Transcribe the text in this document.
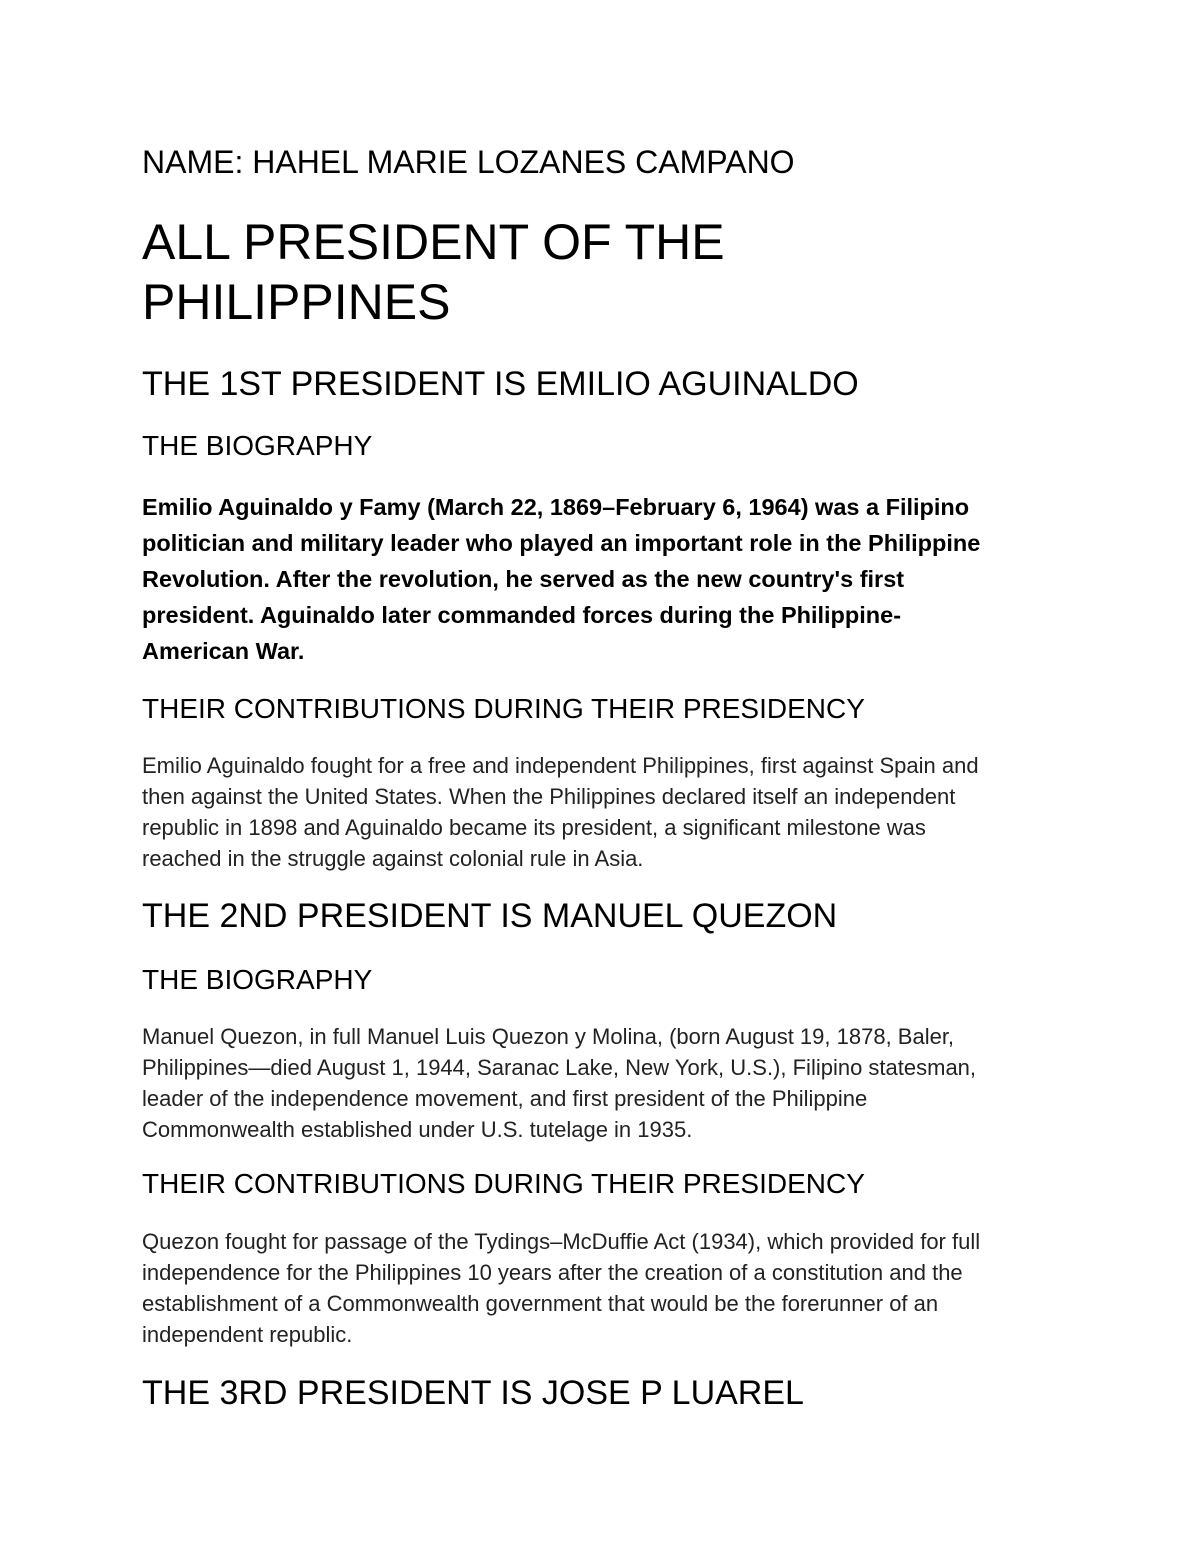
NAME: HAHEL MARIE LOZANES CAMPANO
ALL PRESIDENT OF THE
PHILIPPINES
THE 1ST PRESIDENT IS EMILIO AGUINALDO
THE BIOGRAPHY

Emilio Aguinaldo y Famy (March 22, 1869–February 6, 1964) was a Filipino
politician and military leader who played an important role in the Philippine
Revolution. After the revolution, he served as the new country's first
president. Aguinaldo later commanded forces during the Philippine-
American War.

THEIR CONTRIBUTIONS DURING THEIR PRESIDENCY

Emilio Aguinaldo fought for a free and independent Philippines, first against Spain and
then against the United States. When the Philippines declared itself an independent
republic in 1898 and Aguinaldo became its president, a significant milestone was
reached in the struggle against colonial rule in Asia.

THE 2ND PRESIDENT IS MANUEL QUEZON
THE BIOGRAPHY

Manuel Quezon, in full Manuel Luis Quezon y Molina, (born August 19, 1878, Baler,
Philippines—died August 1, 1944, Saranac Lake, New York, U.S.), Filipino statesman,
leader of the independence movement, and first president of the Philippine
Commonwealth established under U.S. tutelage in 1935.

THEIR CONTRIBUTIONS DURING THEIR PRESIDENCY

Quezon fought for passage of the Tydings–McDuffie Act (1934), which provided for full
independence for the Philippines 10 years after the creation of a constitution and the
establishment of a Commonwealth government that would be the forerunner of an
independent republic.

THE 3RD PRESIDENT IS JOSE P LUAREL
